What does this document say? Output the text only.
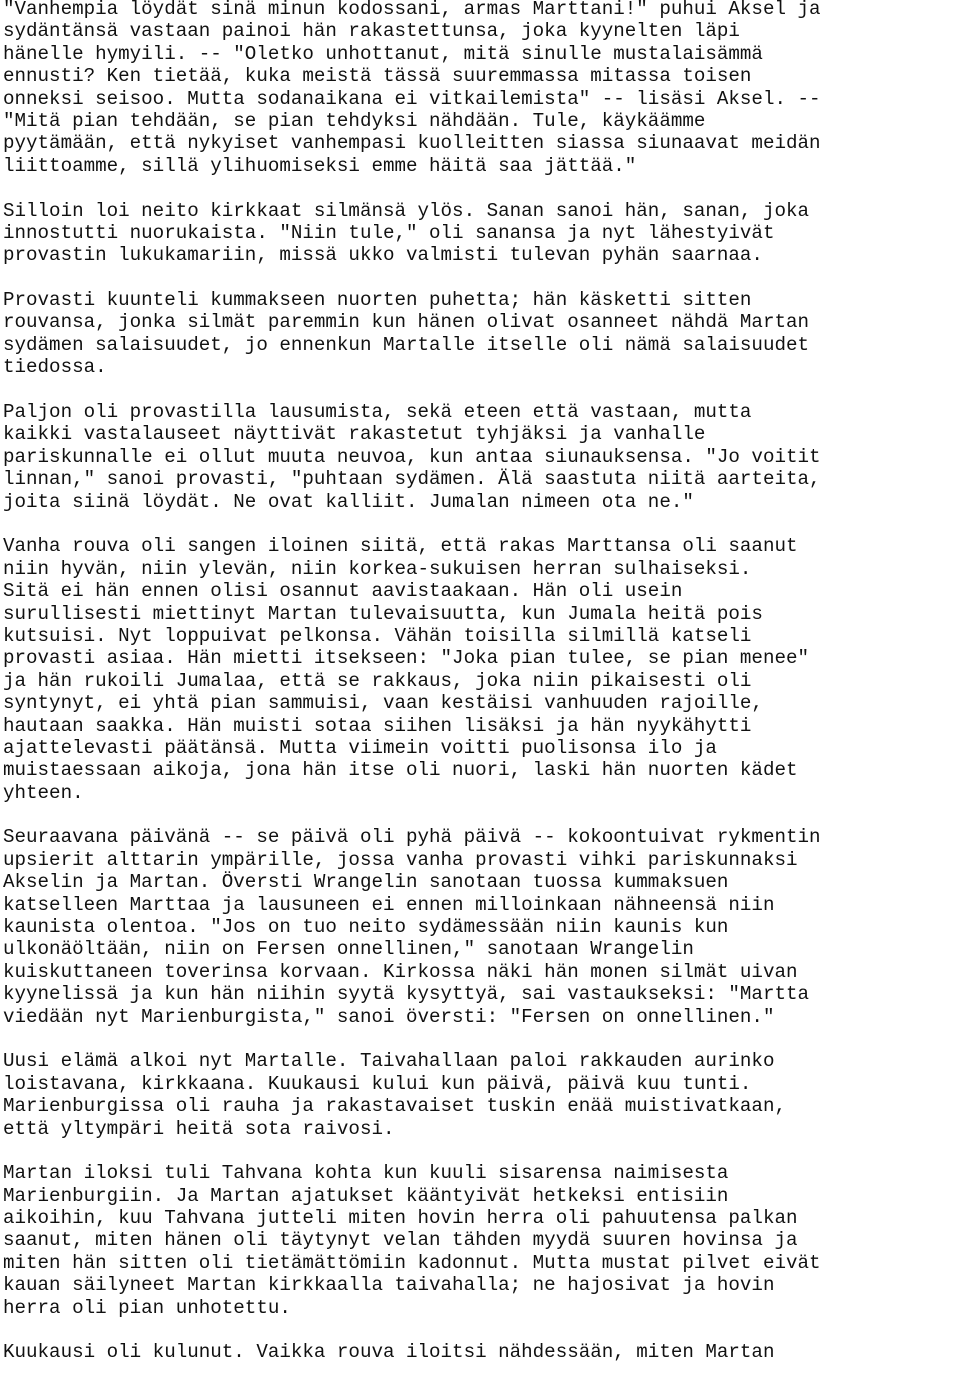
"Vanhempia löydät sinä minun kodossani, armas Marttani!" puhui Aksel ja
sydäntänsä vastaan painoi hän rakastettunsa, joka kyynelten läpi
hänelle hymyili. -- "Oletko unhottanut, mitä sinulle mustalaisämmä
ennusti? Ken tietää, kuka meistä tässä suuremmassa mitassa toisen
onneksi seisoo. Mutta sodanaikana ei vitkailemista" -- lisäsi Aksel. --
"Mitä pian tehdään, se pian tehdyksi nähdään. Tule, käykäämme
pyytämään, että nykyiset vanhempasi kuolleitten siassa siunaavat meidän
liittoamme, sillä ylihuomiseksi emme häitä saa jättää."
Silloin loi neito kirkkaat silmänsä ylös. Sanan sanoi hän, sanan, joka
innostutti nuorukaista. "Niin tule," oli sanansa ja nyt lähestyivät
provastin lukukamariin, missä ukko valmisti tulevan pyhän saarnaa.
Provasti kuunteli kummakseen nuorten puhetta; hän käsketti sitten
rouvansa, jonka silmät paremmin kun hänen olivat osanneet nähdä Martan
sydämen salaisuudet, jo ennenkun Martalle itselle oli nämä salaisuudet
tiedossa.
Paljon oli provastilla lausumista, sekä eteen että vastaan, mutta
kaikki vastalauseet näyttivät rakastetut tyhjäksi ja vanhalle
pariskunnalle ei ollut muuta neuvoa, kun antaa siunauksensa. "Jo voitit
linnan," sanoi provasti, "puhtaan sydämen. Älä saastuta niitä aarteita,
joita siinä löydät. Ne ovat kalliit. Jumalan nimeen ota ne."
Vanha rouva oli sangen iloinen siitä, että rakas Marttansa oli saanut
niin hyvän, niin ylevän, niin korkea-sukuisen herran sulhaiseksi.
Sitä ei hän ennen olisi osannut aavistaakaan. Hän oli usein
surullisesti miettinyt Martan tulevaisuutta, kun Jumala heitä pois
kutsuisi. Nyt loppuivat pelkonsa. Vähän toisilla silmillä katseli
provasti asiaa. Hän mietti itsekseen: "Joka pian tulee, se pian menee"
ja hän rukoili Jumalaa, että se rakkaus, joka niin pikaisesti oli
syntynyt, ei yhtä pian sammuisi, vaan kestäisi vanhuuden rajoille,
hautaan saakka. Hän muisti sotaa siihen lisäksi ja hän nyykähytti
ajattelevasti päätänsä. Mutta viimein voitti puolisonsa ilo ja
muistaessaan aikoja, jona hän itse oli nuori, laski hän nuorten kädet
yhteen.
Seuraavana päivänä -- se päivä oli pyhä päivä -- kokoontuivat rykmentin
upsierit alttarin ympärille, jossa vanha provasti vihki pariskunnaksi
Akselin ja Martan. Översti Wrangelin sanotaan tuossa kummaksuen
katselleen Marttaa ja lausuneen ei ennen milloinkaan nähneensä niin
kaunista olentoa. "Jos on tuo neito sydämessään niin kaunis kun
ulkonäöltään, niin on Fersen onnellinen," sanotaan Wrangelin
kuiskuttaneen toverinsa korvaan. Kirkossa näki hän monen silmät uivan
kyynelissä ja kun hän niihin syytä kysyttyä, sai vastaukseksi: "Martta
viedään nyt Marienburgista," sanoi översti: "Fersen on onnellinen."
Uusi elämä alkoi nyt Martalle. Taivahallaan paloi rakkauden aurinko
loistavana, kirkkaana. Kuukausi kului kun päivä, päivä kuu tunti.
Marienburgissa oli rauha ja rakastavaiset tuskin enää muistivatkaan,
että yltympäri heitä sota raivosi.
Martan iloksi tuli Tahvana kohta kun kuuli sisarensa naimisesta
Marienburgiin. Ja Martan ajatukset kääntyivät hetkeksi entisiin
aikoihin, kuu Tahvana jutteli miten hovin herra oli pahuutensa palkan
saanut, miten hänen oli täytynyt velan tähden myydä suuren hovinsa ja
miten hän sitten oli tietämättömiin kadonnut. Mutta mustat pilvet eivät
kauan säilyneet Martan kirkkaalla taivahalla; ne hajosivat ja hovin
herra oli pian unhotettu.
Kuukausi oli kulunut. Vaikka rouva iloitsi nähdessään, miten Martan
